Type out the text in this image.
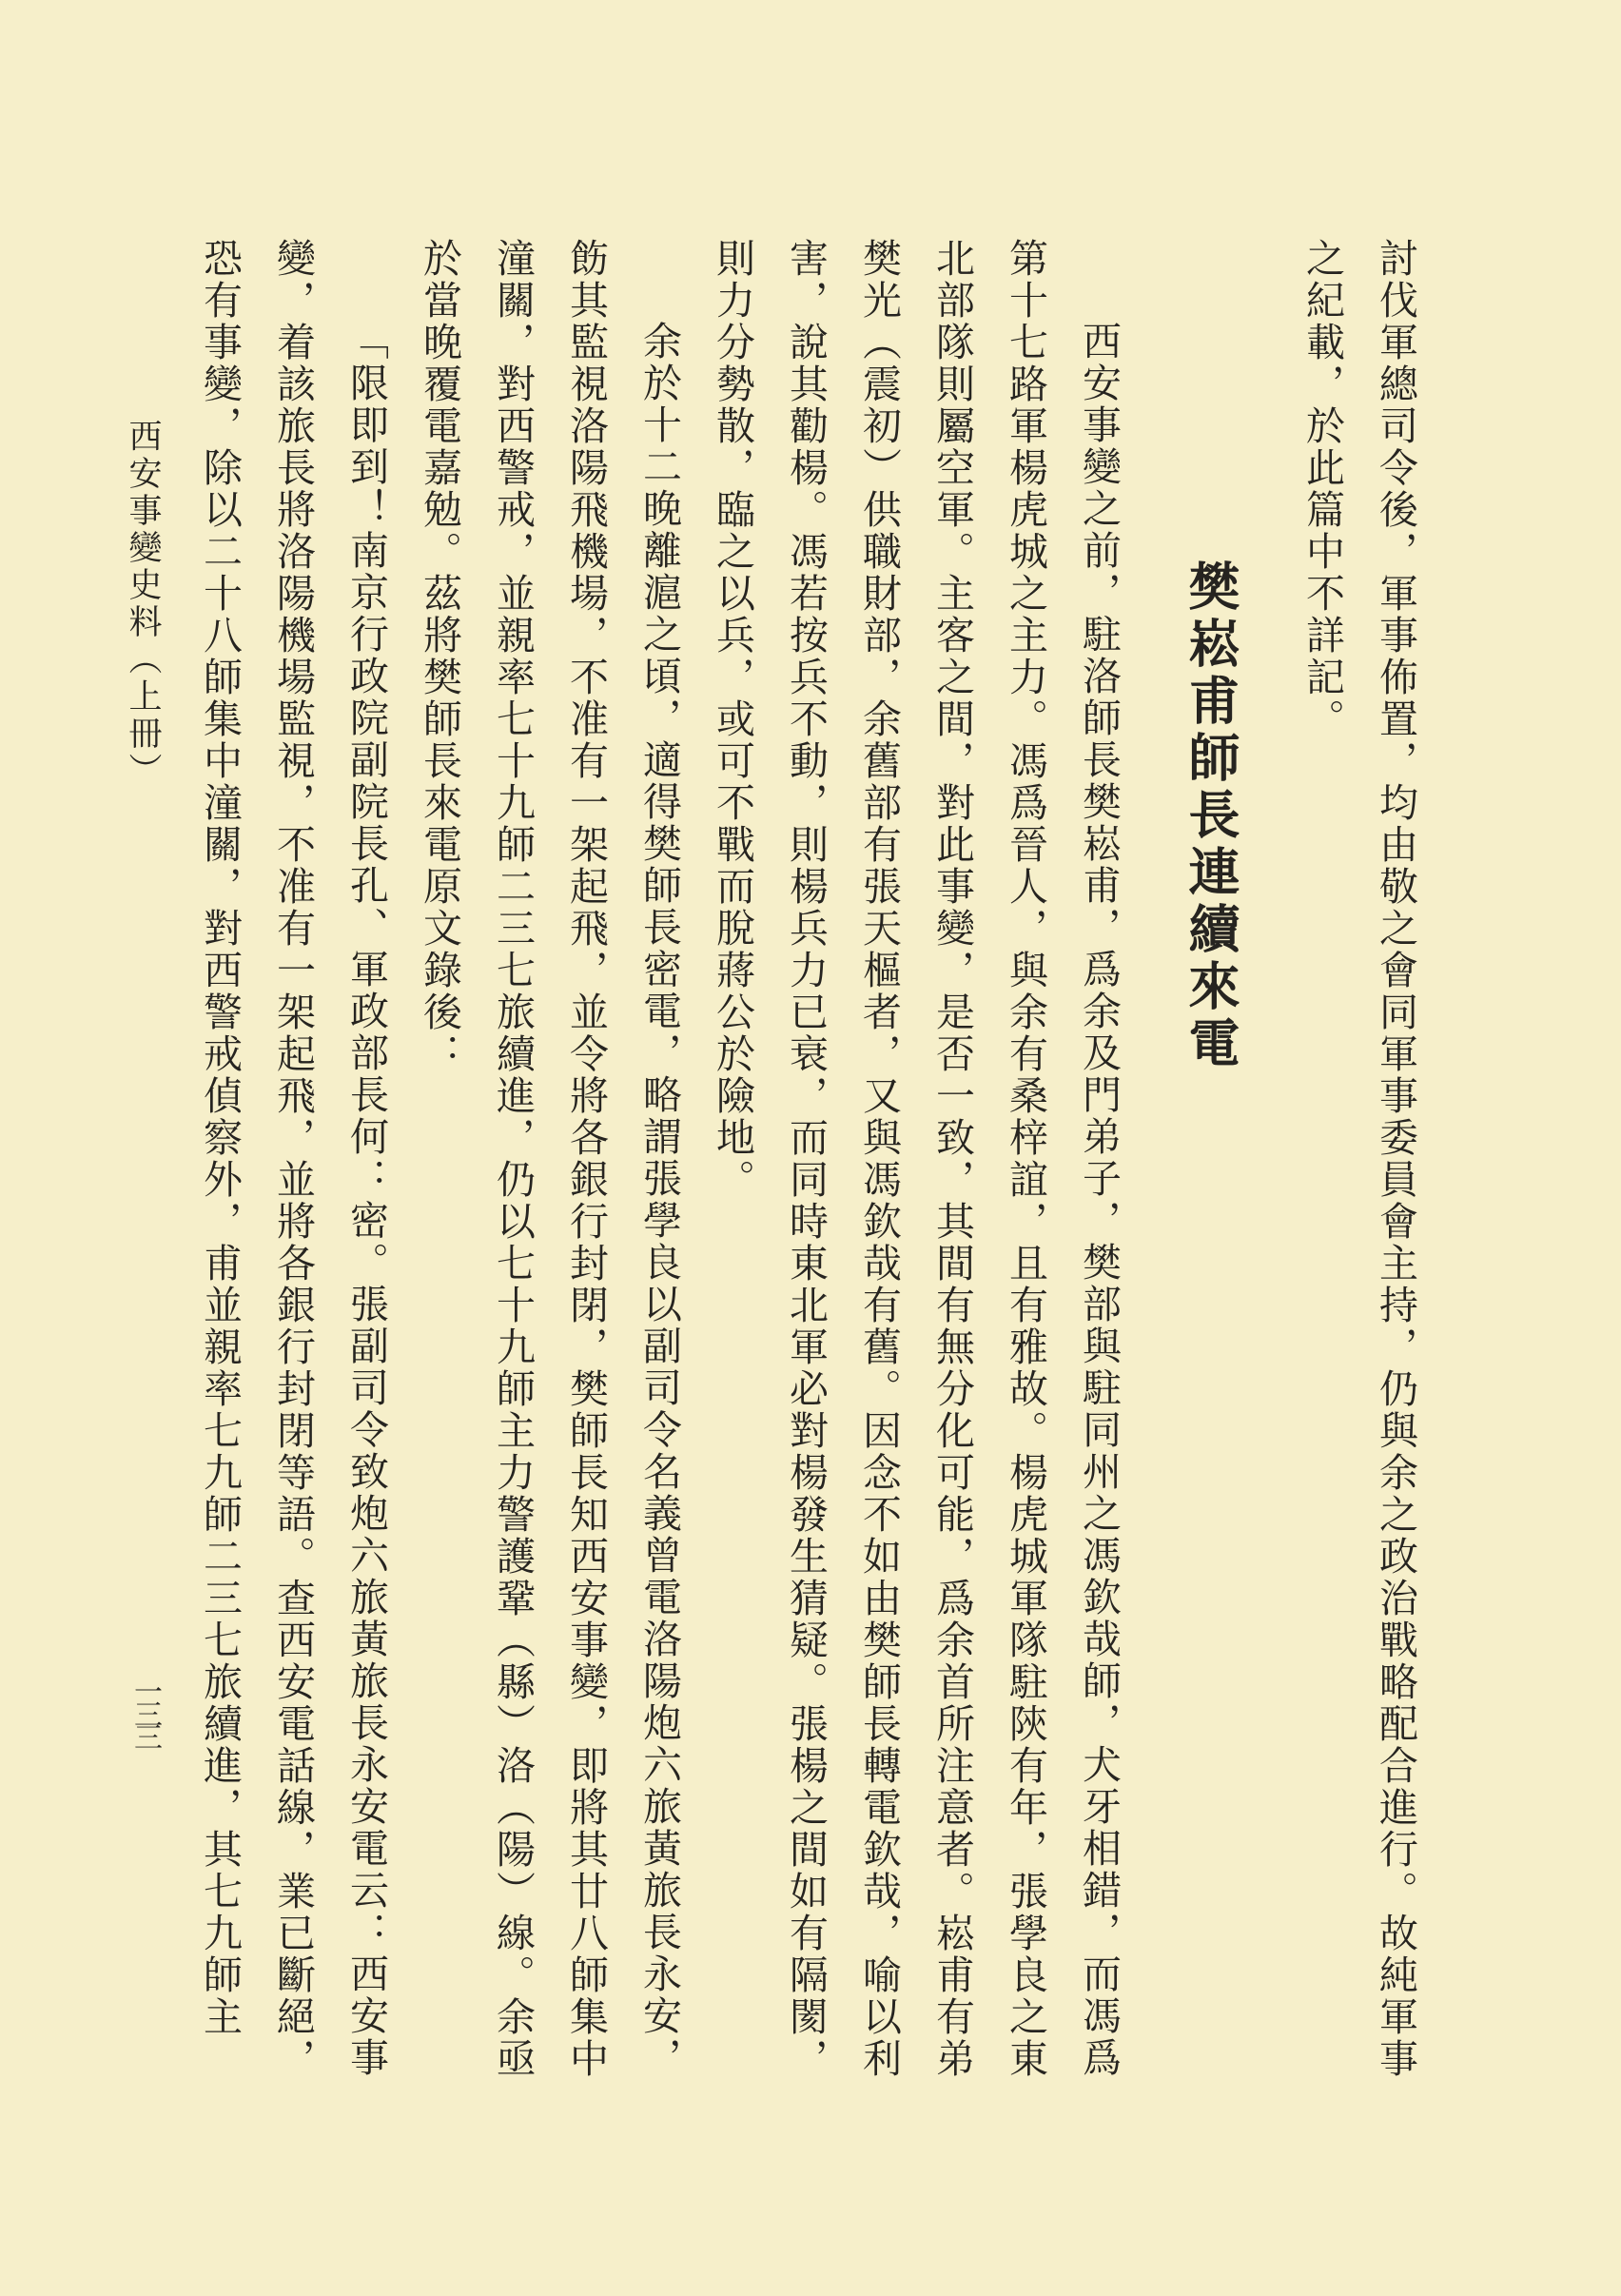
討伐軍總司令後，軍事佈置，均由敬之會同軍事委員會主持，仍與余之政治戰略配合進行。故純軍事
之紀載，於此篇中不詳記。
樊崧甫師長連續來電
西安事變之前，駐洛師長樊崧甫，爲余及門弟子，樊部與駐同州之馮欽哉師，犬牙相錯，而馮爲
第十七路軍楊虎城之主力。馮爲晉人，與余有桑梓誼，且有雅故。楊虎城軍隊駐陝有年，張學良之東
北部隊則屬空軍。主客之間，對此事變，是否一致，其間有無分化可能，爲余首所注意者。崧甫有弟
樊光（震初）供職財部，余舊部有張天樞者，又與馮欽哉有舊。因念不如由樊師長轉電欽哉，喻以利
害，說其勸楊。馮若按兵不動，則楊兵力已衰，而同時東北軍必對楊發生猜疑。張楊之間如有隔閡，
則力分勢散，臨之以兵，或可不戰而脫蔣公於險地。
余於十二晚離滬之頃，適得樊師長密電，略謂張學良以副司令名義曾電洛陽炮六旅黃旅長永安，
飭其監視洛陽飛機場，不准有一架起飛，並令將各銀行封閉，樊師長知西安事變，即將其廿八師集中
潼關，對西警戒，並親率七十九師二三七旅續進，仍以七十九師主力警護鞏（縣）洛（陽）線。余亟
於當晚覆電嘉勉。茲將樊師長來電原文錄後：
「限即到！南京行政院副院長孔、軍政部長何：密。張副司令致炮六旅黃旅長永安電云：西安事
變，着該旅長將洛陽機場監視，不准有一架起飛，並將各銀行封閉等語。查西安電話線，業已斷絕，
恐有事變，除以二十八師集中潼關，對西警戒偵察外，甫並親率七九師二三七旅續進，其七九師主
西安事變史料（上冊）
一三三
